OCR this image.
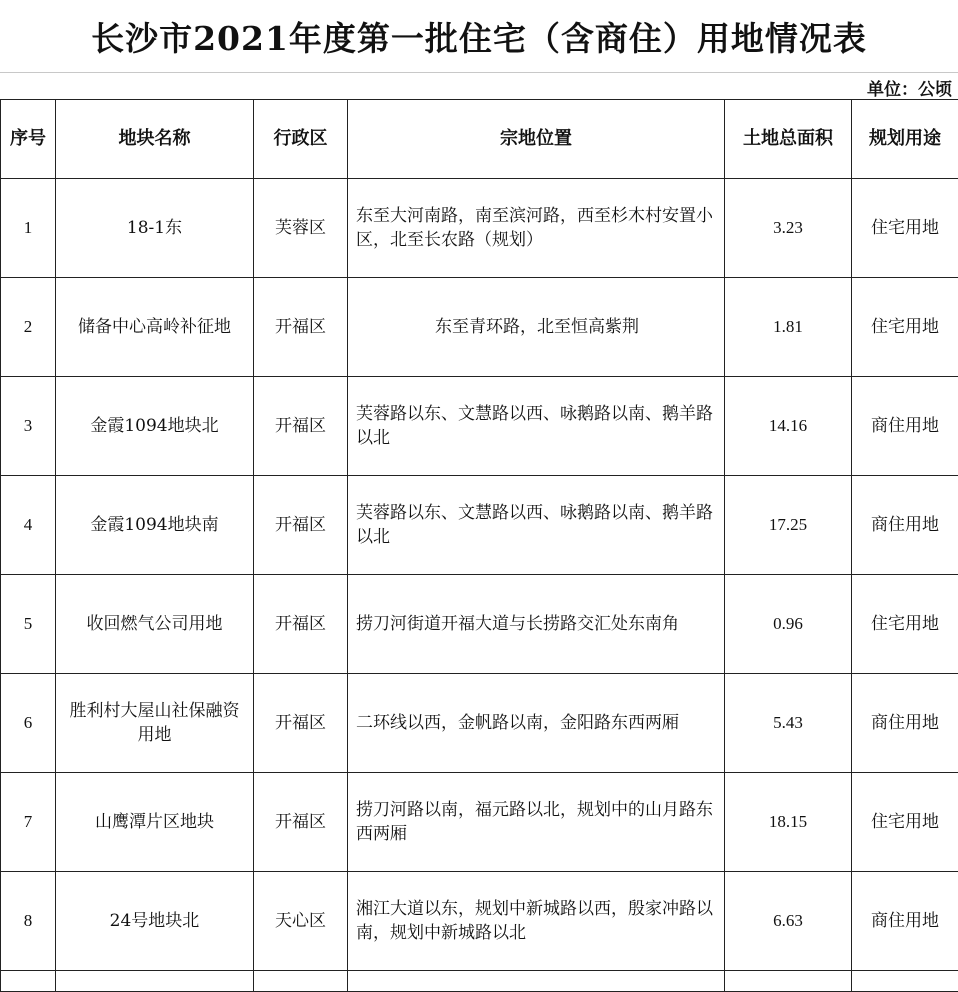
长沙市2021年度第一批住宅（含商住）用地情况表
单位：公顷
序号	地块名称	行政区	宗地位置	土地总面积	规划用途
1	18-1东	芙蓉区	东至大河南路，南至滨河路，西至杉木村安置小区，北至长农路（规划）	3.23	住宅用地
2	储备中心高岭补征地	开福区	东至青环路，北至恒高紫荆	1.81	住宅用地
3	金霞1094地块北	开福区	芙蓉路以东、文慧路以西、咏鹅路以南、鹅羊路以北	14.16	商住用地
4	金霞1094地块南	开福区	芙蓉路以东、文慧路以西、咏鹅路以南、鹅羊路以北	17.25	商住用地
5	收回燃气公司用地	开福区	捞刀河街道开福大道与长捞路交汇处东南角	0.96	住宅用地
6	胜利村大屋山社保融资用地	开福区	二环线以西，金帆路以南，金阳路东西两厢	5.43	商住用地
7	山鹰潭片区地块	开福区	捞刀河路以南，福元路以北，规划中的山月路东西两厢	18.15	住宅用地
8	24号地块北	天心区	湘江大道以东，规划中新城路以西，殷家冲路以南，规划中新城路以北	6.63	商住用地
